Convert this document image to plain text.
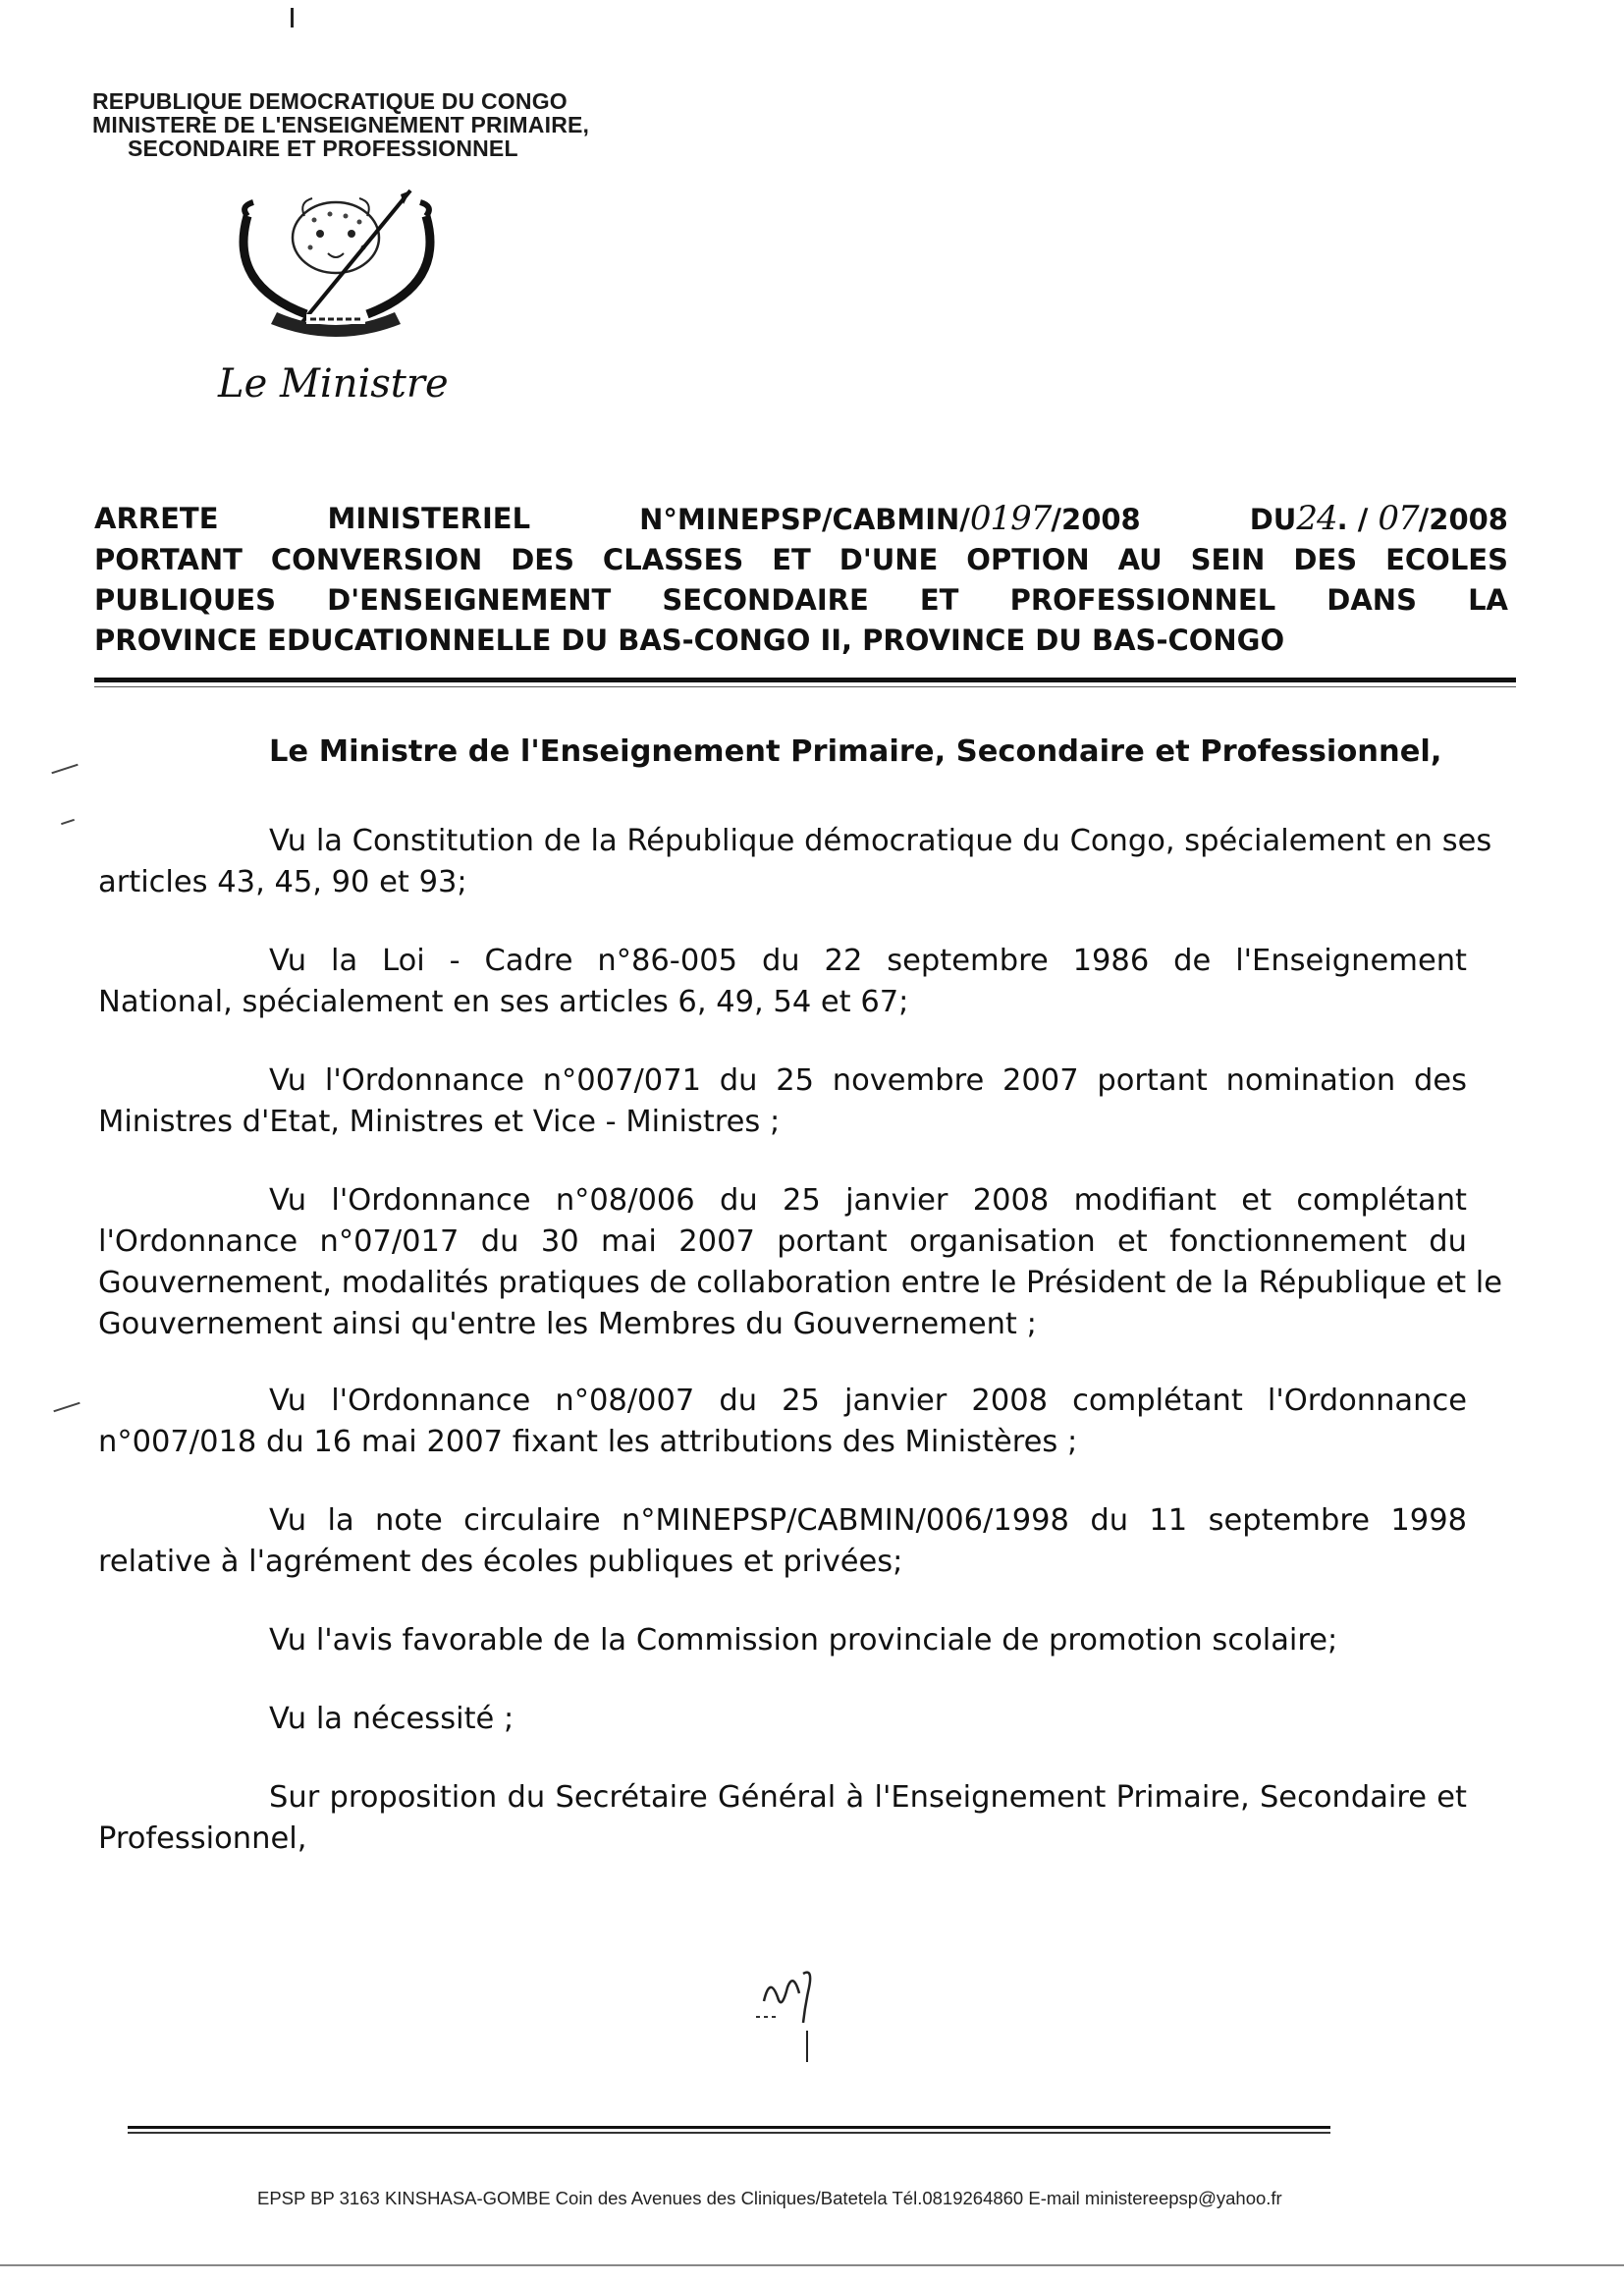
REPUBLIQUE DEMOCRATIQUE DU CONGO
MINISTERE DE L'ENSEIGNEMENT PRIMAIRE,
SECONDAIRE ET PROFESSIONNEL
Le Ministre
ARRETE	MINISTERIEL	N°MINEPSP/CABMIN/0197/2008	DU24. / 07/2008
PORTANT CONVERSION DES CLASSES ET D'UNE OPTION AU SEIN DES ECOLES
PUBLIQUES D'ENSEIGNEMENT SECONDAIRE ET PROFESSIONNEL DANS LA
PROVINCE EDUCATIONNELLE DU BAS-CONGO II, PROVINCE DU BAS-CONGO
Le Ministre de l'Enseignement Primaire, Secondaire et Professionnel,
Vu la Constitution de la République démocratique du Congo, spécialement en ses
articles 43, 45, 90 et 93;
Vu la Loi - Cadre n°86-005 du 22 septembre 1986 de l'Enseignement
National, spécialement en ses articles 6, 49, 54 et 67;
Vu l'Ordonnance n°007/071 du 25 novembre 2007 portant nomination des
Ministres d'Etat, Ministres et Vice - Ministres ;
Vu l'Ordonnance n°08/006 du 25 janvier 2008 modifiant et complétant
l'Ordonnance n°07/017 du 30 mai 2007 portant organisation et fonctionnement du
Gouvernement, modalités pratiques de collaboration entre le Président de la République et le
Gouvernement ainsi qu'entre les Membres du Gouvernement ;
Vu l'Ordonnance n°08/007 du 25 janvier 2008 complétant l'Ordonnance
n°007/018 du 16 mai 2007 fixant les attributions des Ministères ;
Vu la note circulaire n°MINEPSP/CABMIN/006/1998 du 11 septembre 1998
relative à l'agrément des écoles publiques et privées;
Vu l'avis favorable de la Commission provinciale de promotion scolaire;
Vu la nécessité ;
Sur proposition du Secrétaire Général à l'Enseignement Primaire, Secondaire et
Professionnel,
EPSP BP 3163 KINSHASA-GOMBE Coin des Avenues des Cliniques/Batetela Tél.0819264860 E-mail ministereepsp@yahoo.fr
